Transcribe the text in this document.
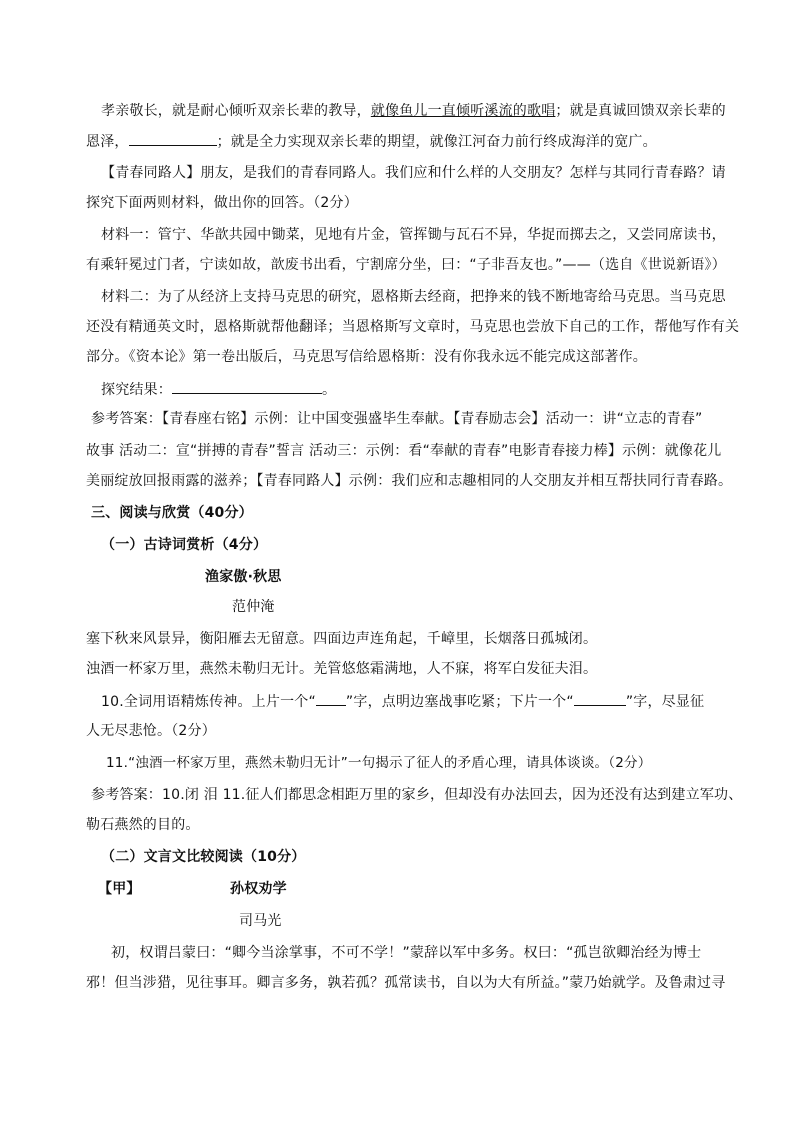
孝亲敬长，就是耐心倾听双亲长辈的教导，就像鱼儿一直倾听溪流的歌唱；就是真诚回馈双亲长辈的
恩泽，	；就是全力实现双亲长辈的期望，就像江河奋力前行终成海洋的宽广。
【青春同路人】朋友，是我们的青春同路人。我们应和什么样的人交朋友？怎样与其同行青春路？请
探究下面两则材料，做出你的回答。（2分）
材料一：管宁、华歆共园中锄菜，见地有片金，管挥锄与瓦石不异，华捉而掷去之，又尝同席读书，
有乘轩冕过门者，宁读如故，歆废书出看，宁割席分坐，曰：“子非吾友也。”——（选自《世说新语》）
材料二：为了从经济上支持马克思的研究，恩格斯去经商，把挣来的钱不断地寄给马克思。当马克思
还没有精通英文时，恩格斯就帮他翻译；当恩格斯写文章时，马克思也尝放下自己的工作，帮他写作有关
部分。《资本论》第一卷出版后，马克思写信给恩格斯：没有你我永远不能完成这部著作。
探究结果：	。
参考答案：【青春座右铭】示例：让中国变强盛毕生奉献。【青春励志会】活动一：讲“立志的青春”
故事 活动二：宣“拼搏的青春”誓言 活动三：示例：看“奉献的青春”电影青春接力棒】示例：就像花儿
美丽绽放回报雨露的滋养；【青春同路人】示例：我们应和志趣相同的人交朋友并相互帮扶同行青春路。
三、阅读与欣赏（40分）
（一）古诗词赏析（4分）
渔家傲·秋思
范仲淹
塞下秋来风景异，衡阳雁去无留意。四面边声连角起，千嶂里，长烟落日孤城闭。
浊酒一杯家万里，燕然未勒归无计。羌管悠悠霜满地，人不寐，将军白发征夫泪。
10.全词用语精炼传神。上片一个“ ”字，点明边塞战事吃紧；下片一个“	”字，尽显征
人无尽悲怆。（2分）
11.“浊酒一杯家万里，燕然未勒归无计”一句揭示了征人的矛盾心理，请具体谈谈。（2分）
参考答案：10.闭 泪 11.征人们都思念相距万里的家乡，但却没有办法回去，因为还没有达到建立军功、
勒石燕然的目的。
（二）文言文比较阅读（10分）
【甲】	孙权劝学
司马光
初，权谓吕蒙曰：“卿今当涂掌事，不可不学！”蒙辞以军中多务。权曰：“孤岂欲卿治经为博士
邪！但当涉猎，见往事耳。卿言多务，孰若孤？孤常读书，自以为大有所益。”蒙乃始就学。及鲁肃过寻
